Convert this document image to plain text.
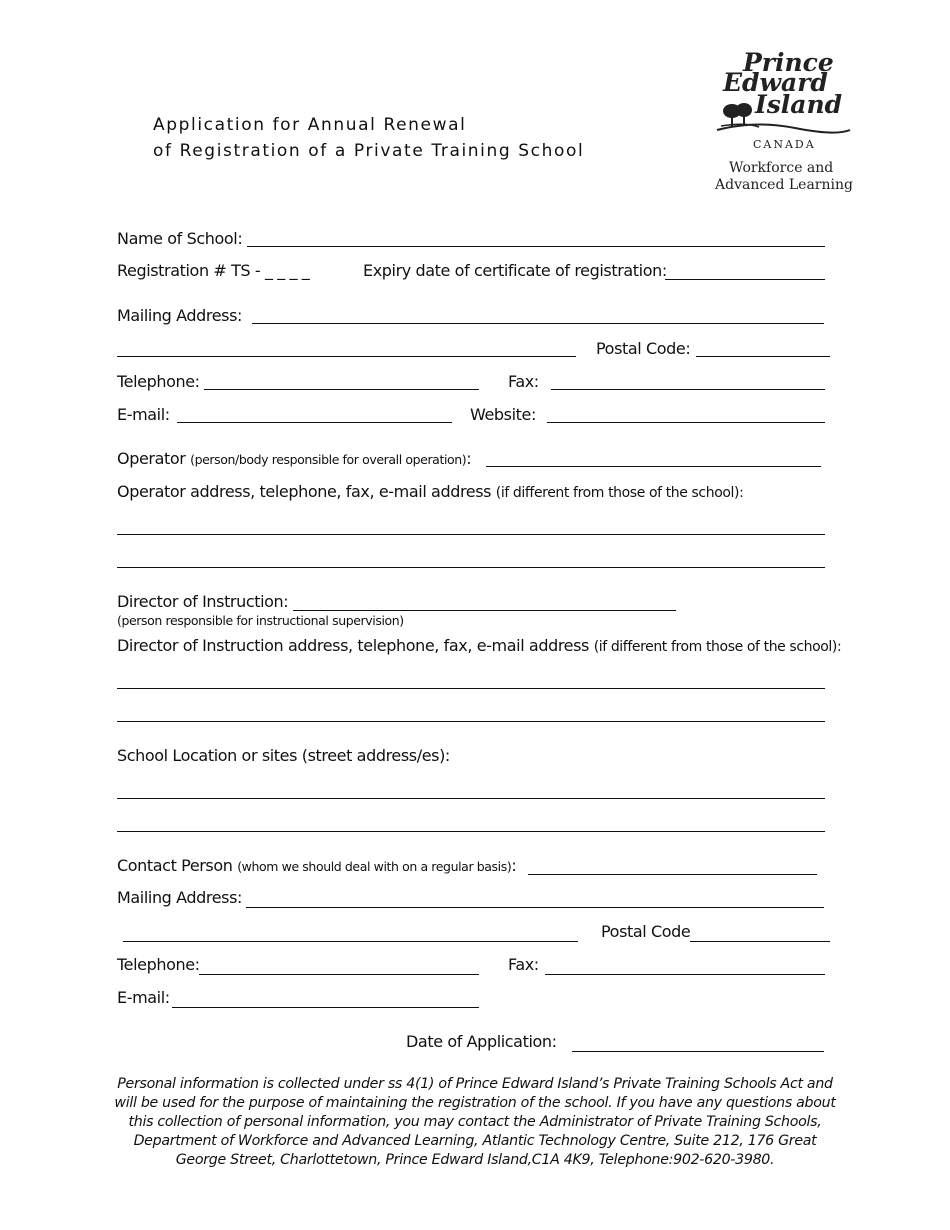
Application for Annual Renewal
of Registration of a Private Training School
Prince
Edward
Island
CANADA
Workforce and
Advanced Learning
Name of School:
Registration # TS - _ _ _ _	Expiry date of certificate of registration:
Mailing Address:
Postal Code:
Telephone:	Fax:
E-mail:	Website:
Operator (person/body responsible for overall operation):
Operator address, telephone, fax, e-mail address (if different from those of the school):
Director of Instruction:
(person responsible for instructional supervision)
Director of Instruction address, telephone, fax, e-mail address (if different from those of the school):
School Location or sites (street address/es):
Contact Person (whom we should deal with on a regular basis):
Mailing Address:
Postal Code
Telephone:	Fax:
E-mail:
Date of Application:
Personal information is collected under ss 4(1) of Prince Edward Island’s Private Training Schools Act and
will be used for the purpose of maintaining the registration of the school. If you have any questions about
this collection of personal information, you may contact the Administrator of Private Training Schools,
Department of Workforce and Advanced Learning, Atlantic Technology Centre, Suite 212, 176 Great
George Street, Charlottetown, Prince Edward Island,C1A 4K9, Telephone:902-620-3980.
